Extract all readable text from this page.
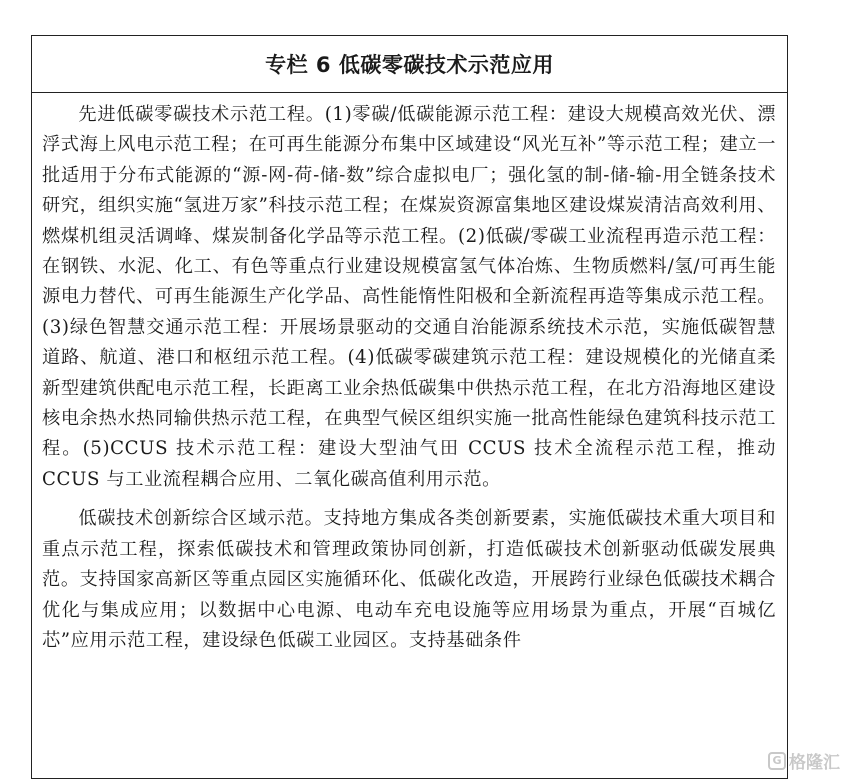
专栏 6 低碳零碳技术示范应用

先进低碳零碳技术示范工程。(1)零碳/低碳能源示范工程：建设大规模高效光伏、漂浮式海上风电示范工程；在可再生能源分布集中区域建设“风光互补”等示范工程；建立一批适用于分布式能源的“源-网-荷-储-数”综合虚拟电厂；强化氢的制-储-输-用全链条技术研究，组织实施“氢进万家”科技示范工程；在煤炭资源富集地区建设煤炭清洁高效利用、燃煤机组灵活调峰、煤炭制备化学品等示范工程。(2)低碳/零碳工业流程再造示范工程：在钢铁、水泥、化工、有色等重点行业建设规模富氢气体冶炼、生物质燃料/氢/可再生能源电力替代、可再生能源生产化学品、高性能惰性阳极和全新流程再造等集成示范工程。(3)绿色智慧交通示范工程：开展场景驱动的交通自治能源系统技术示范，实施低碳智慧道路、航道、港口和枢纽示范工程。(4)低碳零碳建筑示范工程：建设规模化的光储直柔新型建筑供配电示范工程，长距离工业余热低碳集中供热示范工程，在北方沿海地区建设核电余热水热同输供热示范工程，在典型气候区组织实施一批高性能绿色建筑科技示范工程。(5)CCUS 技术示范工程：建设大型油气田 CCUS 技术全流程示范工程，推动 CCUS 与工业流程耦合应用、二氧化碳高值利用示范。

低碳技术创新综合区域示范。支持地方集成各类创新要素，实施低碳技术重大项目和重点示范工程，探索低碳技术和管理政策协同创新，打造低碳技术创新驱动低碳发展典范。支持国家高新区等重点园区实施循环化、低碳化改造，开展跨行业绿色低碳技术耦合优化与集成应用；以数据中心电源、电动车充电设施等应用场景为重点，开展“百城亿芯”应用示范工程，建设绿色低碳工业园区。支持基础条件

G 格隆汇
